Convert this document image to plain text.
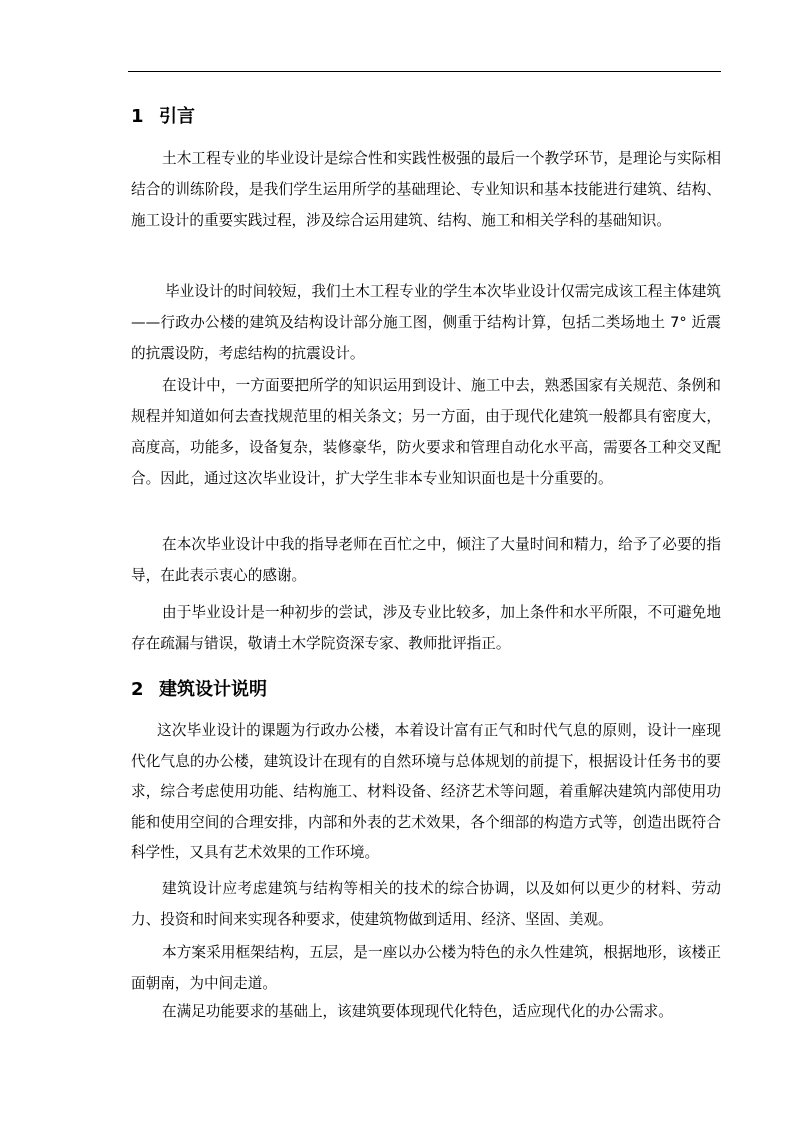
1 引言

土木工程专业的毕业设计是综合性和实践性极强的最后一个教学环节，是理论与实际相结合的训练阶段，是我们学生运用所学的基础理论、专业知识和基本技能进行建筑、结构、施工设计的重要实践过程，涉及综合运用建筑、结构、施工和相关学科的基础知识。

毕业设计的时间较短，我们土木工程专业的学生本次毕业设计仅需完成该工程主体建筑——行政办公楼的建筑及结构设计部分施工图，侧重于结构计算，包括二类场地土 7° 近震的抗震设防，考虑结构的抗震设计。

在设计中，一方面要把所学的知识运用到设计、施工中去，熟悉国家有关规范、条例和规程并知道如何去查找规范里的相关条文；另一方面，由于现代化建筑一般都具有密度大，高度高，功能多，设备复杂，装修豪华，防火要求和管理自动化水平高，需要各工种交叉配合。因此，通过这次毕业设计，扩大学生非本专业知识面也是十分重要的。

在本次毕业设计中我的指导老师在百忙之中，倾注了大量时间和精力，给予了必要的指导，在此表示衷心的感谢。

由于毕业设计是一种初步的尝试，涉及专业比较多，加上条件和水平所限，不可避免地存在疏漏与错误，敬请土木学院资深专家、教师批评指正。

2 建筑设计说明

这次毕业设计的课题为行政办公楼，本着设计富有正气和时代气息的原则，设计一座现代化气息的办公楼，建筑设计在现有的自然环境与总体规划的前提下，根据设计任务书的要求，综合考虑使用功能、结构施工、材料设备、经济艺术等问题，着重解决建筑内部使用功能和使用空间的合理安排，内部和外表的艺术效果，各个细部的构造方式等，创造出既符合科学性，又具有艺术效果的工作环境。

建筑设计应考虑建筑与结构等相关的技术的综合协调，以及如何以更少的材料、劳动力、投资和时间来实现各种要求，使建筑物做到适用、经济、坚固、美观。

本方案采用框架结构，五层，是一座以办公楼为特色的永久性建筑，根据地形，该楼正面朝南，为中间走道。

在满足功能要求的基础上，该建筑要体现现代化特色，适应现代化的办公需求。
